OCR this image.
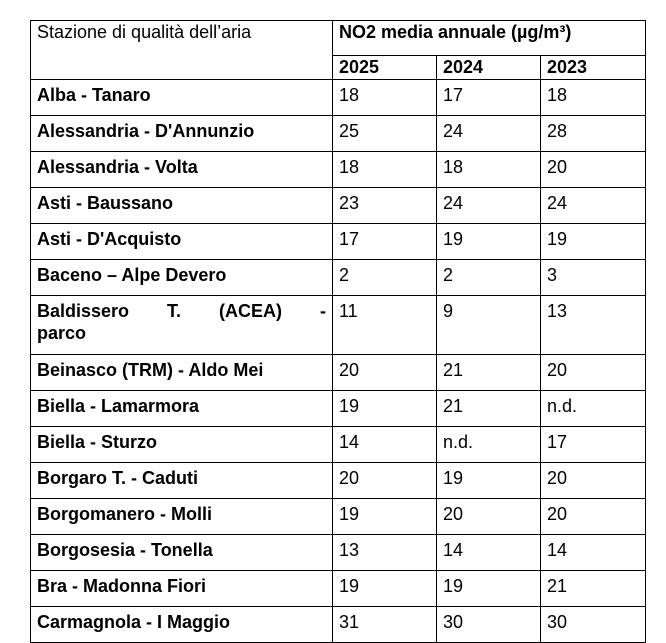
Stazione di qualità dell’aria	NO2 media annuale (µg/m³)		
	2025	2024	2023
Alba - Tanaro	18	17	18
Alessandria - D'Annunzio	25	24	28
Alessandria - Volta	18	18	20
Asti - Baussano	23	24	24
Asti - D'Acquisto	17	19	19
Baceno – Alpe Devero	2	2	3

Baldissero T. (ACEA) -
parco	11	9	13
Beinasco (TRM) - Aldo Mei	20	21	20
Biella - Lamarmora	19	21	n.d.
Biella - Sturzo	14	n.d.	17
Borgaro T. - Caduti	20	19	20
Borgomanero - Molli	19	20	20
Borgosesia - Tonella	13	14	14
Bra - Madonna Fiori	19	19	21
Carmagnola - I Maggio	31	30	30
